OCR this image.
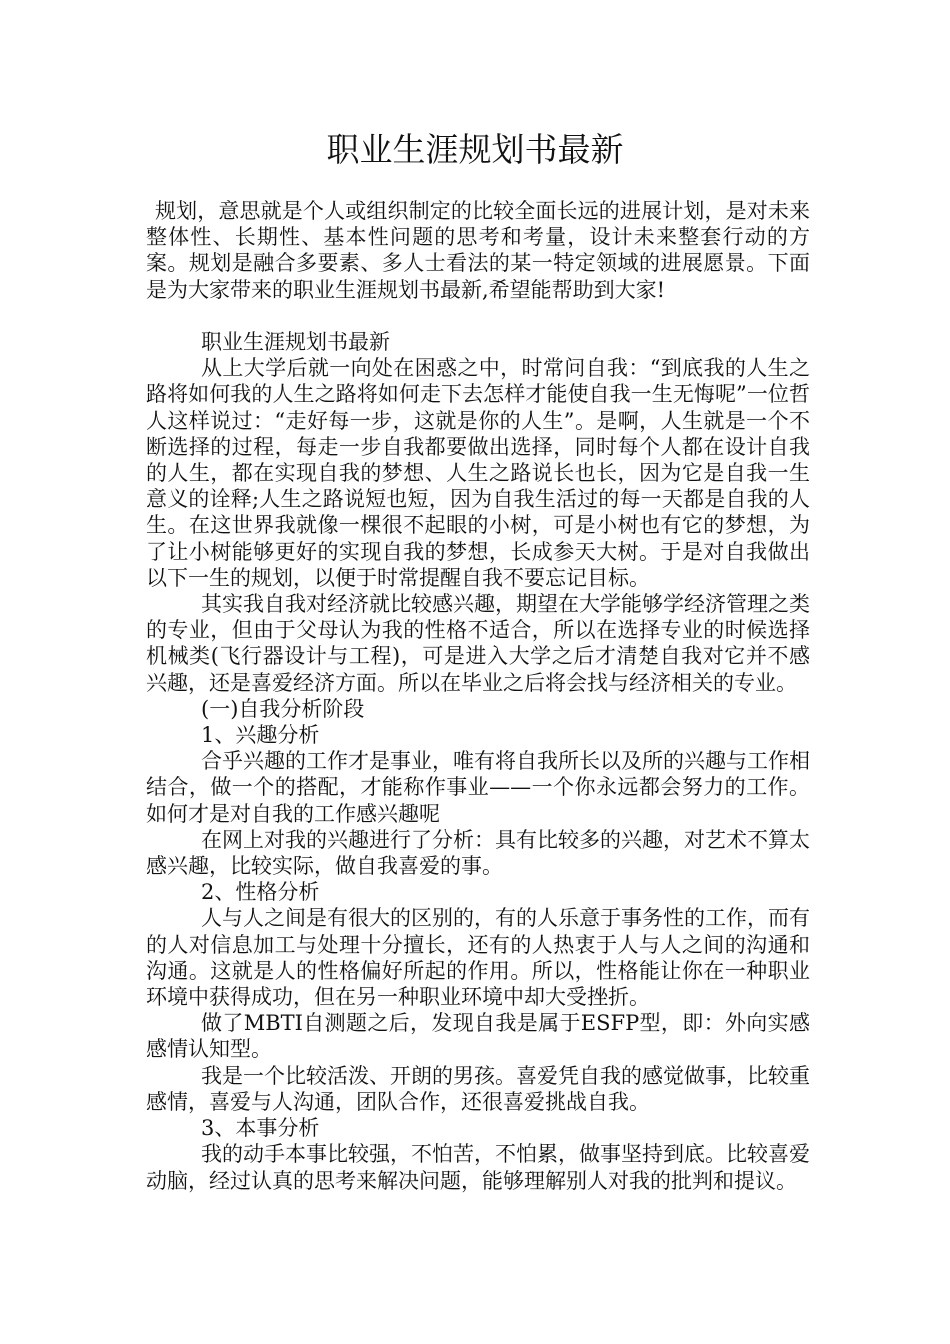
职业生涯规划书最新

规划，意思就是个人或组织制定的比较全面长远的进展计划，是对未来整体性、长期性、基本性问题的思考和考量，设计未来整套行动的方案。规划是融合多要素、多人士看法的某一特定领域的进展愿景。下面是为大家带来的职业生涯规划书最新,希望能帮助到大家!

职业生涯规划书最新

从上大学后就一向处在困惑之中，时常问自我：“到底我的人生之路将如何我的人生之路将如何走下去怎样才能使自我一生无悔呢”一位哲人这样说过：“走好每一步，这就是你的人生”。是啊，人生就是一个不断选择的过程，每走一步自我都要做出选择，同时每个人都在设计自我的人生，都在实现自我的梦想、人生之路说长也长，因为它是自我一生意义的诠释;人生之路说短也短，因为自我生活过的每一天都是自我的人生。在这世界我就像一棵很不起眼的小树，可是小树也有它的梦想，为了让小树能够更好的实现自我的梦想，长成参天大树。于是对自我做出以下一生的规划，以便于时常提醒自我不要忘记目标。

其实我自我对经济就比较感兴趣，期望在大学能够学经济管理之类的专业，但由于父母认为我的性格不适合，所以在选择专业的时候选择机械类(飞行器设计与工程)，可是进入大学之后才清楚自我对它并不感兴趣，还是喜爱经济方面。所以在毕业之后将会找与经济相关的专业。

(一)自我分析阶段

1、兴趣分析

合乎兴趣的工作才是事业，唯有将自我所长以及所的兴趣与工作相结合，做一个的搭配，才能称作事业——一个你永远都会努力的工作。如何才是对自我的工作感兴趣呢

在网上对我的兴趣进行了分析：具有比较多的兴趣，对艺术不算太感兴趣，比较实际，做自我喜爱的事。

2、性格分析

人与人之间是有很大的区别的，有的人乐意于事务性的工作，而有的人对信息加工与处理十分擅长，还有的人热衷于人与人之间的沟通和沟通。这就是人的性格偏好所起的作用。所以，性格能让你在一种职业环境中获得成功，但在另一种职业环境中却大受挫折。

做了MBTI自测题之后，发现自我是属于ESFP型，即：外向实感感情认知型。

我是一个比较活泼、开朗的男孩。喜爱凭自我的感觉做事，比较重感情，喜爱与人沟通，团队合作，还很喜爱挑战自我。

3、本事分析

我的动手本事比较强，不怕苦，不怕累，做事坚持到底。比较喜爱动脑，经过认真的思考来解决问题，能够理解别人对我的批判和提议。
